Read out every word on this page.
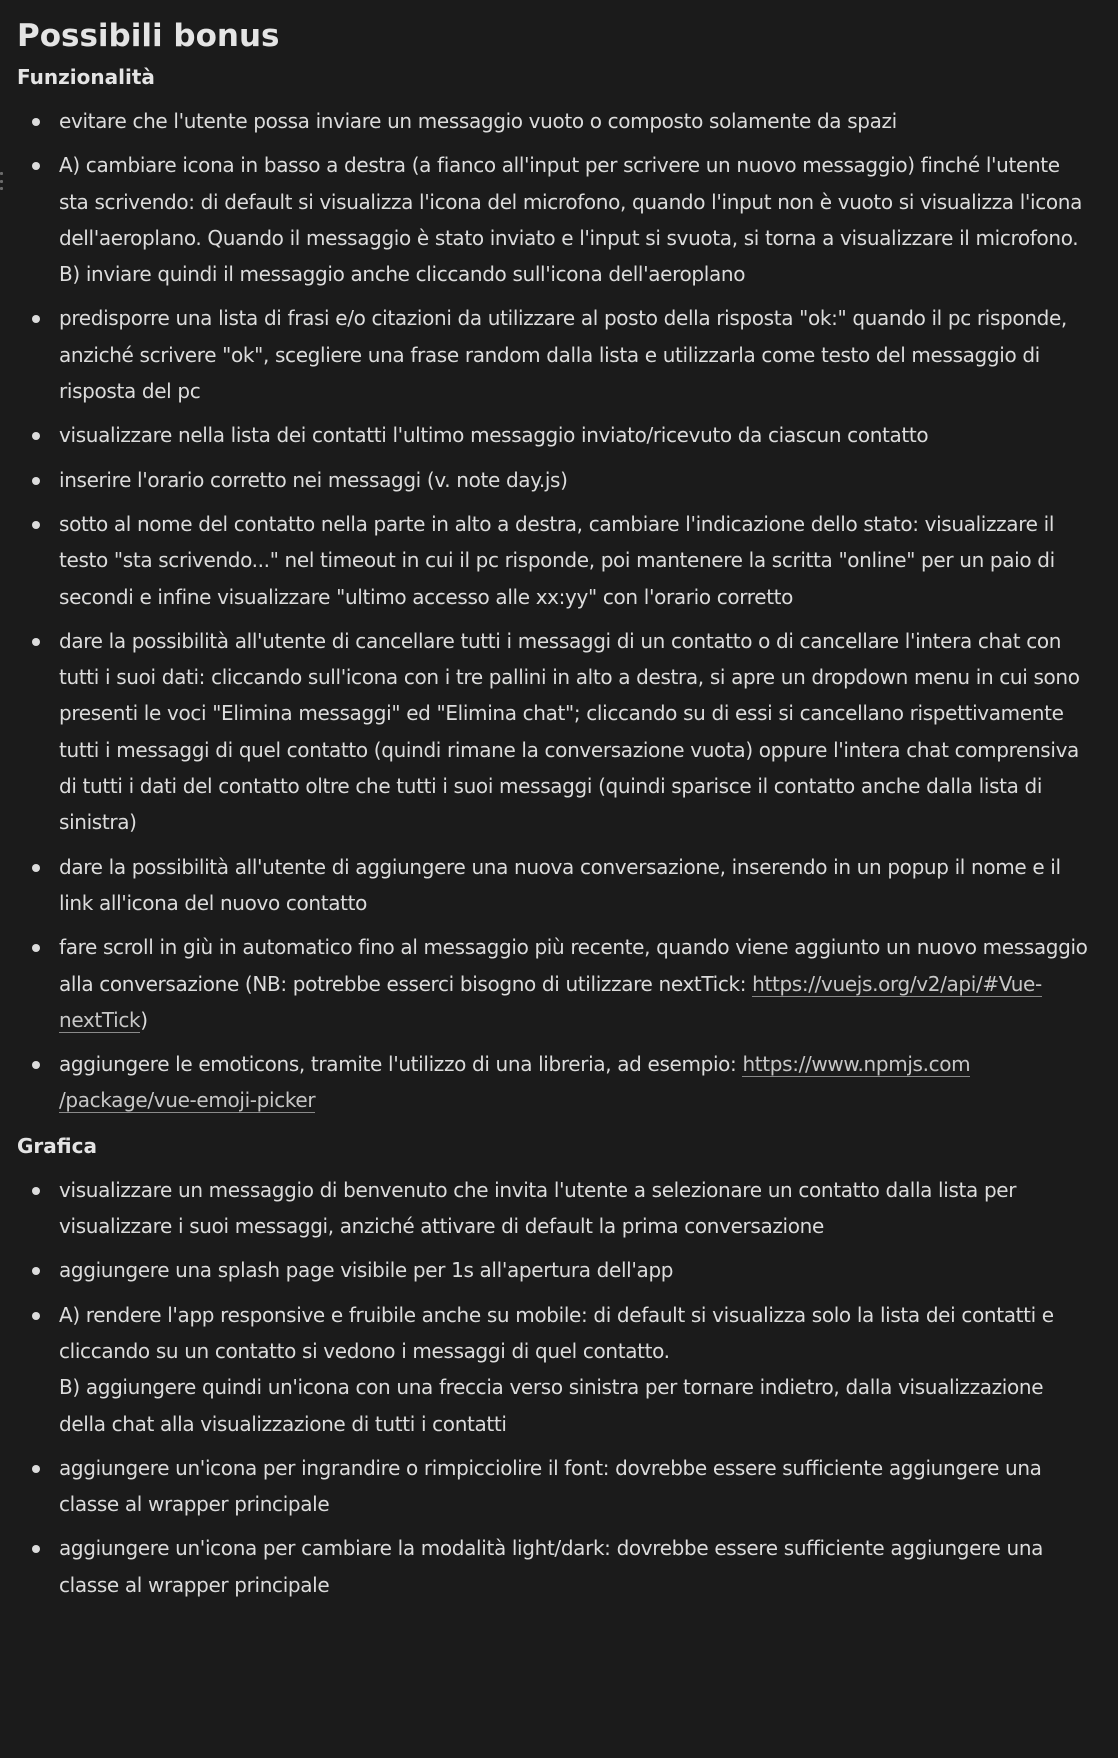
Possibili bonus
Funzionalità
evitare che l'utente possa inviare un messaggio vuoto o composto solamente da spazi
A) cambiare icona in basso a destra (a fianco all'input per scrivere un nuovo messaggio) finché l'utente sta scrivendo: di default si visualizza l'icona del microfono, quando l'input non è vuoto si visualizza l'icona dell'aeroplano. Quando il messaggio è stato inviato e l'input si svuota, si torna a visualizzare il microfono.
B) inviare quindi il messaggio anche cliccando sull'icona dell'aeroplano
predisporre una lista di frasi e/o citazioni da utilizzare al posto della risposta "ok:" quando il pc risponde, anziché scrivere "ok", scegliere una frase random dalla lista e utilizzarla come testo del messaggio di risposta del pc
visualizzare nella lista dei contatti l'ultimo messaggio inviato/ricevuto da ciascun contatto
inserire l'orario corretto nei messaggi (v. note day.js)
sotto al nome del contatto nella parte in alto a destra, cambiare l'indicazione dello stato: visualizzare il testo "sta scrivendo..." nel timeout in cui il pc risponde, poi mantenere la scritta "online" per un paio di secondi e infine visualizzare "ultimo accesso alle xx:yy" con l'orario corretto
dare la possibilità all'utente di cancellare tutti i messaggi di un contatto o di cancellare l'intera chat con tutti i suoi dati: cliccando sull'icona con i tre pallini in alto a destra, si apre un dropdown menu in cui sono presenti le voci "Elimina messaggi" ed "Elimina chat"; cliccando su di essi si cancellano rispettivamente tutti i messaggi di quel contatto (quindi rimane la conversazione vuota) oppure l'intera chat comprensiva di tutti i dati del contatto oltre che tutti i suoi messaggi (quindi sparisce il contatto anche dalla lista di sinistra)
dare la possibilità all'utente di aggiungere una nuova conversazione, inserendo in un popup il nome e il link all'icona del nuovo contatto
fare scroll in giù in automatico fino al messaggio più recente, quando viene aggiunto un nuovo messaggio alla conversazione (NB: potrebbe esserci bisogno di utilizzare nextTick: https://vuejs.org/v2/api/#Vue-nextTick)
aggiungere le emoticons, tramite l'utilizzo di una libreria, ad esempio: https://www.npmjs.com
/package/vue-emoji-picker
Grafica
visualizzare un messaggio di benvenuto che invita l'utente a selezionare un contatto dalla lista per visualizzare i suoi messaggi, anziché attivare di default la prima conversazione
aggiungere una splash page visibile per 1s all'apertura dell'app
A) rendere l'app responsive e fruibile anche su mobile: di default si visualizza solo la lista dei contatti e cliccando su un contatto si vedono i messaggi di quel contatto.
B) aggiungere quindi un'icona con una freccia verso sinistra per tornare indietro, dalla visualizzazione della chat alla visualizzazione di tutti i contatti
aggiungere un'icona per ingrandire o rimpicciolire il font: dovrebbe essere sufficiente aggiungere una classe al wrapper principale
aggiungere un'icona per cambiare la modalità light/dark: dovrebbe essere sufficiente aggiungere una classe al wrapper principale
